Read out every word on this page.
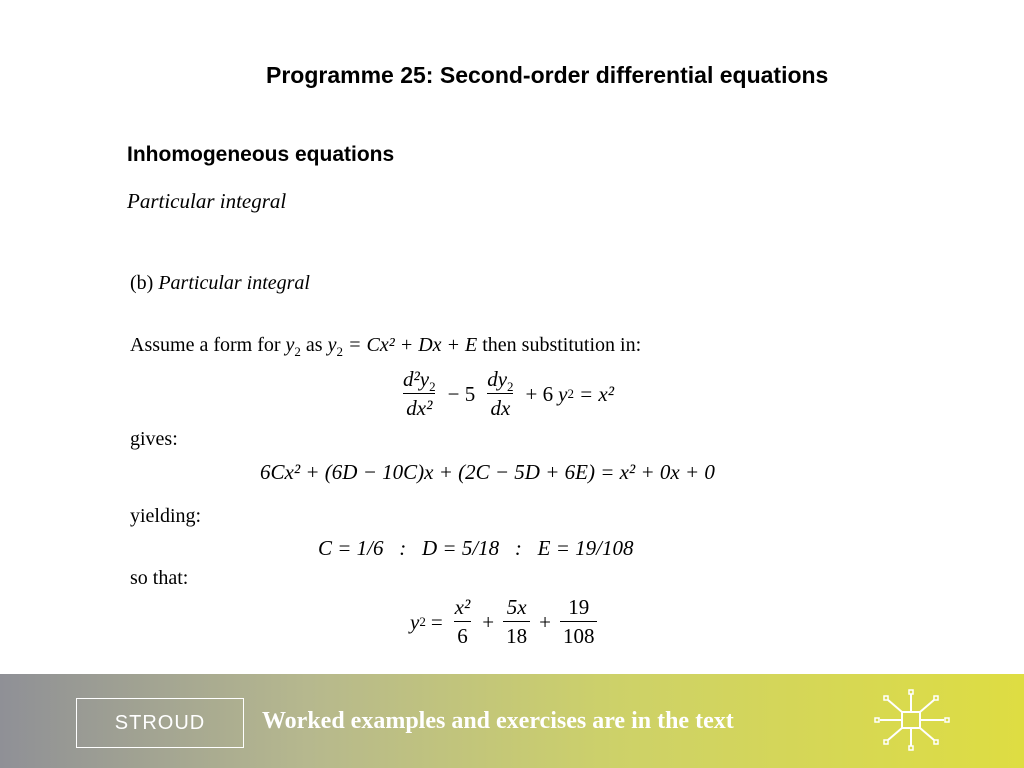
Programme 25: Second-order differential equations
Inhomogeneous equations
Particular integral
(b) Particular integral
Assume a form for $y_2$ as $y_2 = Cx^2 + Dx + E$ then substitution in:
$\frac{d^2y_2}{\text{dx²}} - 5 \frac{dy_2}{dx} + 6$ y 2 = x²
gives:
6Cx² + (6D − 10C)x + (2C − 5D + 6E) = x² + 0x + 0
yielding:
C = 1/6   :   D = 5/18   :   E = 19/108
so that:
y $2 = \frac{\text{x²}}{6} + \frac{5x}{18} + \frac{19}{108}$
STROUD Worked examples and exercises are in the text
